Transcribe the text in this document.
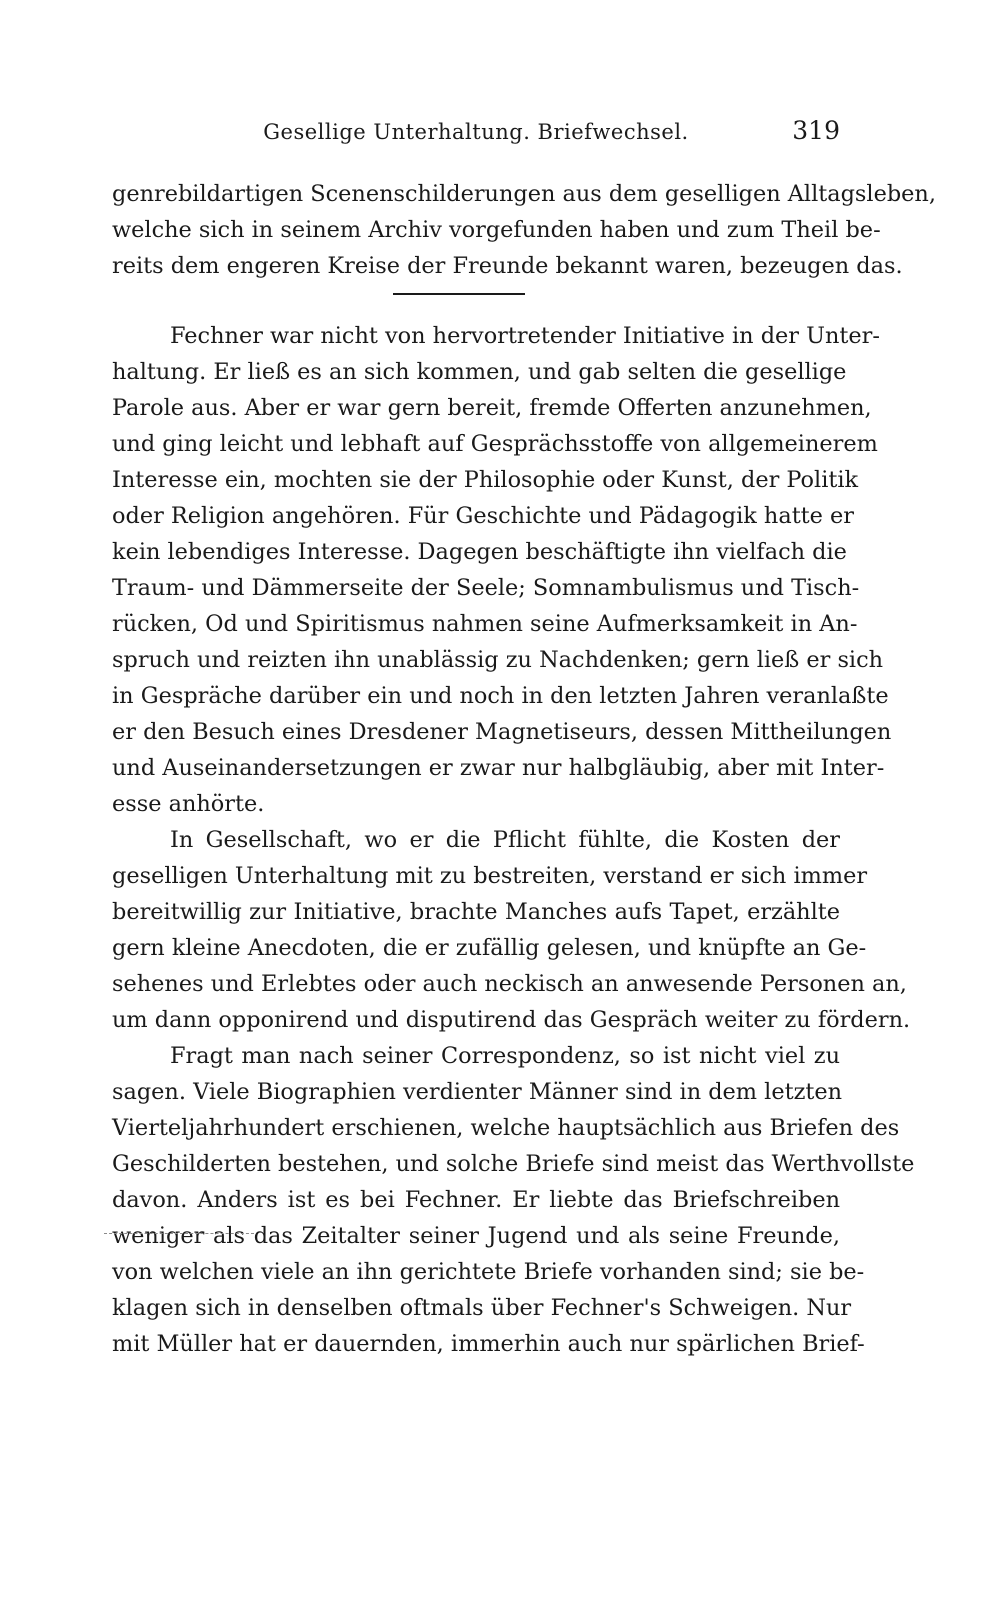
Gesellige Unterhaltung. Briefwechsel.	319
genrebildartigen Scenenschilderungen aus dem geselligen Alltagsleben,
welche sich in seinem Archiv vorgefunden haben und zum Theil be-
reits dem engeren Kreise der Freunde bekannt waren, bezeugen das.
Fechner war nicht von hervortretender Initiative in der Unter-
haltung. Er ließ es an sich kommen, und gab selten die gesellige
Parole aus. Aber er war gern bereit, fremde Offerten anzunehmen,
und ging leicht und lebhaft auf Gesprächsstoffe von allgemeinerem
Interesse ein, mochten sie der Philosophie oder Kunst, der Politik
oder Religion angehören. Für Geschichte und Pädagogik hatte er
kein lebendiges Interesse. Dagegen beschäftigte ihn vielfach die
Traum- und Dämmerseite der Seele; Somnambulismus und Tisch-
rücken, Od und Spiritismus nahmen seine Aufmerksamkeit in An-
spruch und reizten ihn unablässig zu Nachdenken; gern ließ er sich
in Gespräche darüber ein und noch in den letzten Jahren veranlaßte
er den Besuch eines Dresdener Magnetiseurs, dessen Mittheilungen
und Auseinandersetzungen er zwar nur halbgläubig, aber mit Inter-
esse anhörte.
In Gesellschaft, wo er die Pflicht fühlte, die Kosten der
geselligen Unterhaltung mit zu bestreiten, verstand er sich immer
bereitwillig zur Initiative, brachte Manches aufs Tapet, erzählte
gern kleine Anecdoten, die er zufällig gelesen, und knüpfte an Ge-
sehenes und Erlebtes oder auch neckisch an anwesende Personen an,
um dann opponirend und disputirend das Gespräch weiter zu fördern.
Fragt man nach seiner Correspondenz, so ist nicht viel zu
sagen. Viele Biographien verdienter Männer sind in dem letzten
Vierteljahrhundert erschienen, welche hauptsächlich aus Briefen des
Geschilderten bestehen, und solche Briefe sind meist das Werthvollste
davon. Anders ist es bei Fechner. Er liebte das Briefschreiben
weniger als das Zeitalter seiner Jugend und als seine Freunde,
von welchen viele an ihn gerichtete Briefe vorhanden sind; sie be-
klagen sich in denselben oftmals über Fechner's Schweigen. Nur
mit Müller hat er dauernden, immerhin auch nur spärlichen Brief-
